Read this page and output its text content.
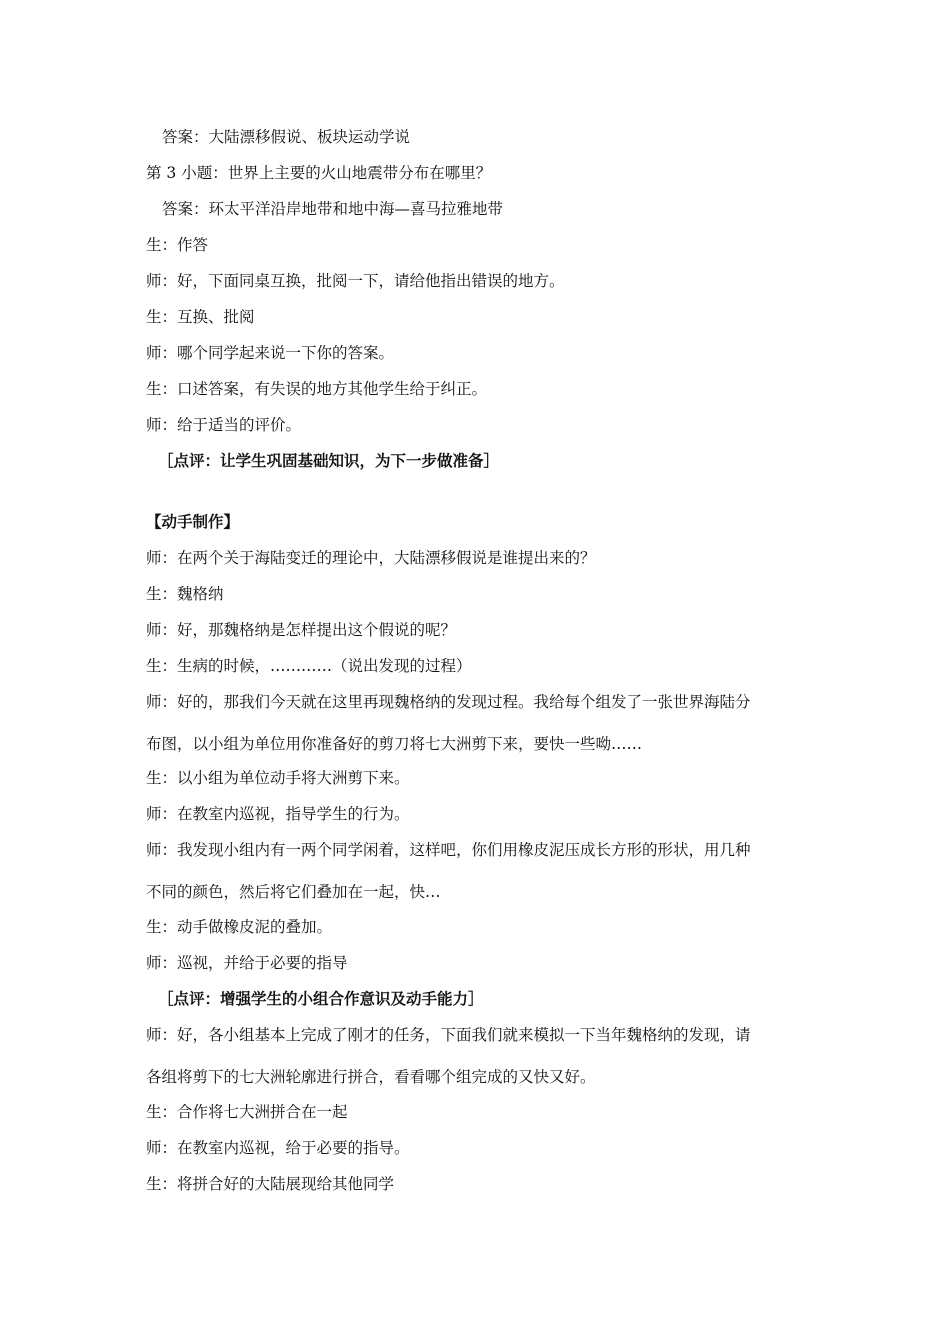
答案：大陆漂移假说、板块运动学说
第 3 小题：世界上主要的火山地震带分布在哪里？
答案：环太平洋沿岸地带和地中海—喜马拉雅地带
生：作答
师：好，下面同桌互换，批阅一下，请给他指出错误的地方。
生：互换、批阅
师：哪个同学起来说一下你的答案。
生：口述答案，有失误的地方其他学生给于纠正。
师：给于适当的评价。
［点评：让学生巩固基础知识，为下一步做准备］
【动手制作】
师：在两个关于海陆变迁的理论中，大陆漂移假说是谁提出来的？
生：魏格纳
师：好，那魏格纳是怎样提出这个假说的呢？
生：生病的时候，…………（说出发现的过程）
师：好的，那我们今天就在这里再现魏格纳的发现过程。我给每个组发了一张世界海陆分
布图，以小组为单位用你准备好的剪刀将七大洲剪下来，要快一些呦……
生：以小组为单位动手将大洲剪下来。
师：在教室内巡视，指导学生的行为。
师：我发现小组内有一两个同学闲着，这样吧，你们用橡皮泥压成长方形的形状，用几种
不同的颜色，然后将它们叠加在一起，快…
生：动手做橡皮泥的叠加。
师：巡视，并给于必要的指导
［点评：增强学生的小组合作意识及动手能力］
师：好，各小组基本上完成了刚才的任务，下面我们就来模拟一下当年魏格纳的发现，请
各组将剪下的七大洲轮廓进行拼合，看看哪个组完成的又快又好。
生：合作将七大洲拼合在一起
师：在教室内巡视，给于必要的指导。
生：将拼合好的大陆展现给其他同学
